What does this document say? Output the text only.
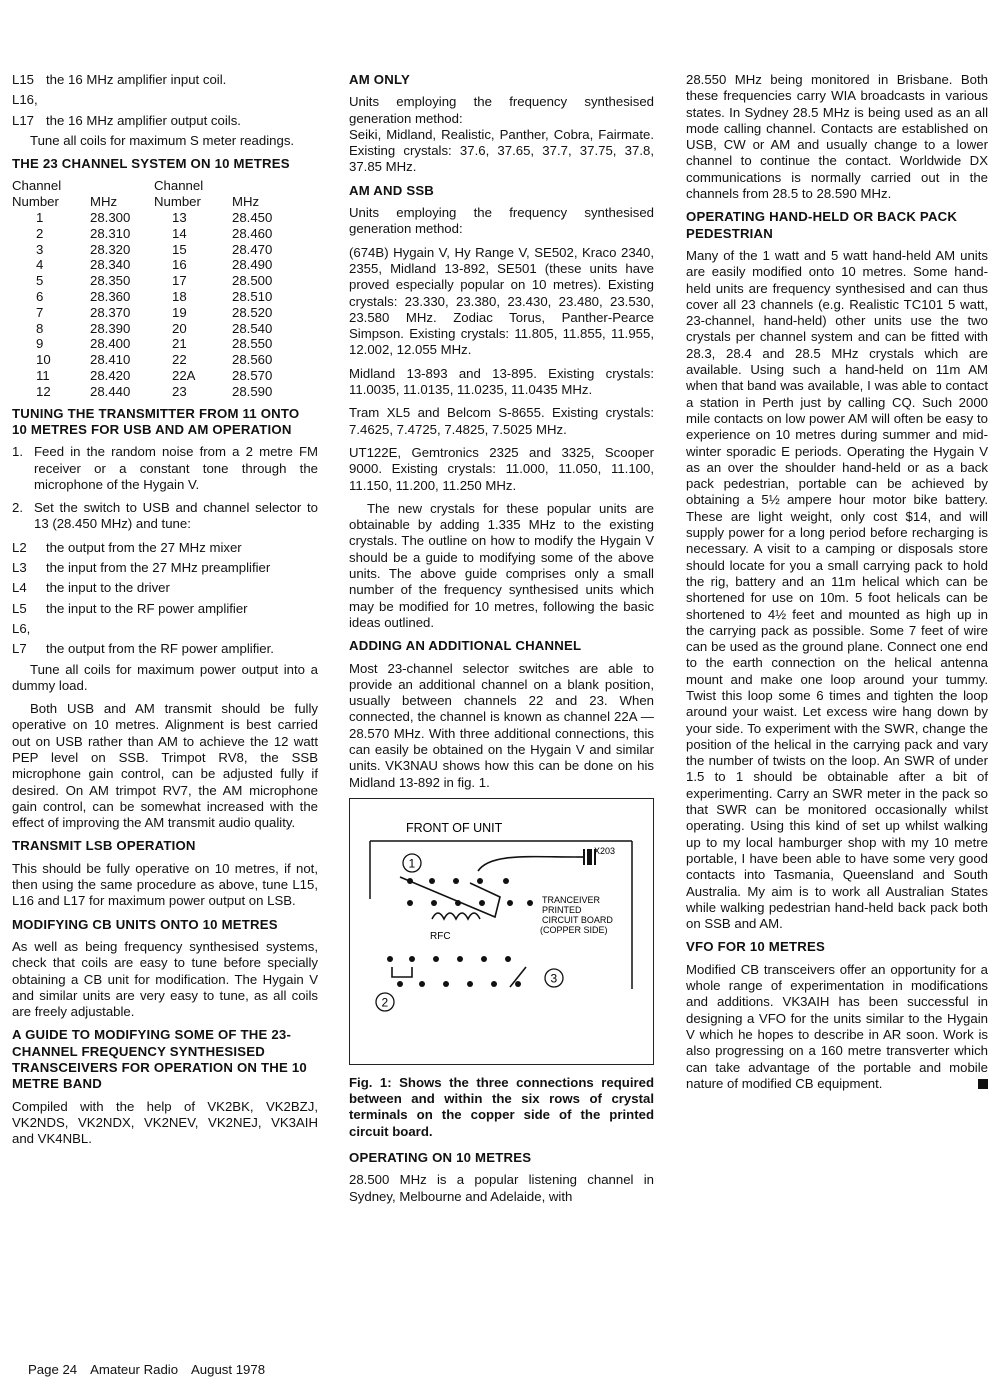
L15 the 16 MHz amplifier input coil.
L16,
L17 the 16 MHz amplifier output coils.

Tune all coils for maximum S meter readings.

THE 23 CHANNEL SYSTEM ON 10 METRES
Channel		Channel	
Number	MHz	Number	MHz
1	28.300	13	28.450
2	28.310	14	28.460
3	28.320	15	28.470
4	28.340	16	28.490
5	28.350	17	28.500
6	28.360	18	28.510
7	28.370	19	28.520
8	28.390	20	28.540
9	28.400	21	28.550
10	28.410	22	28.560
11	28.420	22A	28.570
12	28.440	23	28.590
TUNING THE TRANSMITTER FROM 11 ONTO 10 METRES FOR USB AND AM OPERATION
1. Feed in the random noise from a 2 metre FM receiver or a constant tone through the microphone of the Hygain V.
2. Set the switch to USB and channel selector to 13 (28.450 MHz) and tune:
L2	the output from the 27 MHz mixer
L3	the input from the 27 MHz preamplifier
L4	the input to the driver
L5	the input to the RF power amplifier
L6,
L7	the output from the RF power amplifier.

Tune all coils for maximum power output into a dummy load.

Both USB and AM transmit should be fully operative on 10 metres. Alignment is best carried out on USB rather than AM to achieve the 12 watt PEP level on SSB. Trimpot RV8, the SSB microphone gain control, can be adjusted fully if desired. On AM trimpot RV7, the AM microphone gain control, can be somewhat increased with the effect of improving the AM transmit audio quality.

TRANSMIT LSB OPERATION

This should be fully operative on 10 metres, if not, then using the same procedure as above, tune L15, L16 and L17 for maximum power output on LSB.

MODIFYING CB UNITS ONTO 10 METRES

As well as being frequency synthesised systems, check that coils are easy to tune before specially obtaining a CB unit for modification. The Hygain V and similar units are very easy to tune, as all coils are freely adjustable.

A GUIDE TO MODIFYING SOME OF THE 23-CHANNEL FREQUENCY SYNTHESISED TRANSCEIVERS FOR OPERATION ON THE 10 METRE BAND

Compiled with the help of VK2BK, VK2BZJ, VK2NDS, VK2NDX, VK2NEV, VK2NEJ, VK3AIH and VK4NBL.

AM ONLY

Units employing the frequency synthesised generation method:

Seiki, Midland, Realistic, Panther, Cobra, Fairmate. Existing crystals: 37.6, 37.65, 37.7, 37.75, 37.8, 37.85 MHz.

AM AND SSB

Units employing the frequency synthesised generation method:

(674B) Hygain V, Hy Range V, SE502, Kraco 2340, 2355, Midland 13-892, SE501 (these units have proved especially popular on 10 metres). Existing crystals: 23.330, 23.380, 23.430, 23.480, 23.530, 23.580 MHz. Zodiac Torus, Panther-Pearce Simpson. Existing crystals: 11.805, 11.855, 11.955, 12.002, 12.055 MHz.

Midland 13-893 and 13-895. Existing crystals: 11.0035, 11.0135, 11.0235, 11.0435 MHz.

Tram XL5 and Belcom S-8655. Existing crystals: 7.4625, 7.4725, 7.4825, 7.5025 MHz.

UT122E, Gemtronics 2325 and 3325, Scooper 9000. Existing crystals: 11.000, 11.050, 11.100, 11.150, 11.200, 11.250 MHz.

The new crystals for these popular units are obtainable by adding 1.335 MHz to the existing crystals. The outline on how to modify the Hygain V should be a guide to modifying some of the above units. The above guide comprises only a small number of the frequency synthesised units which may be modified for 10 metres, following the basic ideas outlined.

ADDING AN ADDITIONAL CHANNEL

Most 23-channel selector switches are able to provide an additional channel on a blank position, usually between channels 22 and 23. When connected, the channel is known as channel 22A — 28.570 MHz. With three additional connections, this can easily be obtained on the Hygain V and similar units. VK3NAU shows how this can be done on his Midland 13-892 in fig. 1.

FRONT OF UNIT
1
2
3
X203
RFC
TRANCEIVER
PRINTED
CIRCUIT BOARD
(COPPER SIDE)

Fig. 1: Shows the three connections required between and within the six rows of crystal terminals on the copper side of the printed circuit board.

OPERATING ON 10 METRES

28.500 MHz is a popular listening channel in Sydney, Melbourne and Adelaide, with

28.550 MHz being monitored in Brisbane. Both these frequencies carry WIA broadcasts in various states. In Sydney 28.5 MHz is being used as an all mode calling channel. Contacts are established on USB, CW or AM and usually change to a lower channel to continue the contact. Worldwide DX communications is normally carried out in the channels from 28.5 to 28.590 MHz.

OPERATING HAND-HELD OR BACK PACK PEDESTRIAN

Many of the 1 watt and 5 watt hand-held AM units are easily modified onto 10 metres. Some hand-held units are frequency synthesised and can thus cover all 23 channels (e.g. Realistic TC101 5 watt, 23-channel, hand-held) other units use the two crystals per channel system and can be fitted with 28.3, 28.4 and 28.5 MHz crystals which are available. Using such a hand-held on 11m AM when that band was available, I was able to contact a station in Perth just by calling CQ. Such 2000 mile contacts on low power AM will often be easy to experience on 10 metres during summer and mid-winter sporadic E periods. Operating the Hygain V as an over the shoulder hand-held or as a back pack pedestrian, portable can be achieved by obtaining a 5½ ampere hour motor bike battery. These are light weight, only cost $14, and will supply power for a long period before recharging is necessary. A visit to a camping or disposals store should locate for you a small carrying pack to hold the rig, battery and an 11m helical which can be shortened for use on 10m. 5 foot helicals can be shortened to 4½ feet and mounted as high up in the carrying pack as possible. Some 7 feet of wire can be used as the ground plane. Connect one end to the earth connection on the helical antenna mount and make one loop around your tummy. Twist this loop some 6 times and tighten the loop around your waist. Let excess wire hang down by your side. To experiment with the SWR, change the position of the helical in the carrying pack and vary the number of twists on the loop. An SWR of under 1.5 to 1 should be obtainable after a bit of experimenting. Carry an SWR meter in the pack so that SWR can be monitored occasionally whilst operating. Using this kind of set up whilst walking up to my local hamburger shop with my 10 metre portable, I have been able to have some very good contacts into Tasmania, Queensland and South Australia. My aim is to work all Australian States while walking pedestrian hand-held back pack both on SSB and AM.

VFO FOR 10 METRES

Modified CB transceivers offer an opportunity for a whole range of experimentation in modifications and additions. VK3AIH has been successful in designing a VFO for the units similar to the Hygain V which he hopes to describe in AR soon. Work is also progressing on a 160 metre transverter which can take advantage of the portable and mobile nature of modified CB equipment.

Page 24 Amateur Radio August 1978
